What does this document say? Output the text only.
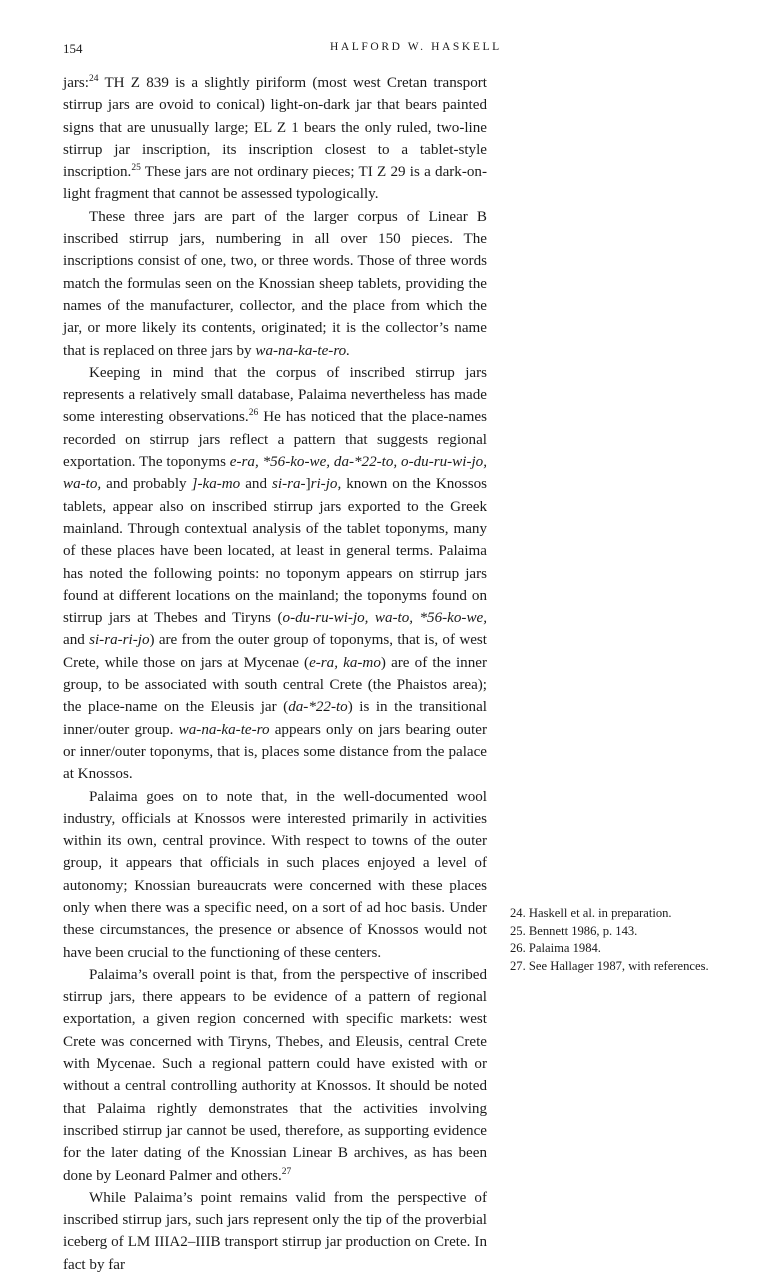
154	HALFORD W. HASKELL

jars:$^{24}$ TH Z 839 is a slightly piriform (most west Cretan transport stirrup jars are ovoid to conical) light-on-dark jar that bears painted signs that are unusually large; EL Z 1 bears the only ruled, two-line stirrup jar inscription, its inscription closest to a tablet-style inscription.$^{25}$ These jars are not ordinary pieces; TI Z 29 is a dark-on-light fragment that cannot be assessed typologically.

These three jars are part of the larger corpus of Linear B inscribed stirrup jars, numbering in all over 150 pieces. The inscriptions consist of one, two, or three words. Those of three words match the formulas seen on the Knossian sheep tablets, providing the names of the manufacturer, collector, and the place from which the jar, or more likely its contents, originated; it is the collector’s name that is replaced on three jars by wa-na-ka-te-ro.

Keeping in mind that the corpus of inscribed stirrup jars represents a relatively small database, Palaima nevertheless has made some interesting observations.$^{26}$ He has noticed that the place-names recorded on stirrup jars reflect a pattern that suggests regional exportation. The toponyms e-ra, *56-ko-we, da-*22-to, o-du-ru-wi-jo, wa-to, and probably ]-ka-mo and si-ra-]ri-jo, known on the Knossos tablets, appear also on inscribed stirrup jars exported to the Greek mainland. Through contextual analysis of the tablet toponyms, many of these places have been located, at least in general terms. Palaima has noted the following points: no toponym appears on stirrup jars found at different locations on the mainland; the toponyms found on stirrup jars at Thebes and Tiryns (o-du-ru-wi-jo, wa-to, *56-ko-we, and si-ra-ri-jo) are from the outer group of toponyms, that is, of west Crete, while those on jars at Mycenae (e-ra, ka-mo) are of the inner group, to be associated with south central Crete (the Phaistos area); the place-name on the Eleusis jar (da-*22-to) is in the transitional inner/outer group. wa-na-ka-te-ro appears only on jars bearing outer or inner/outer toponyms, that is, places some distance from the palace at Knossos.

Palaima goes on to note that, in the well-documented wool industry, officials at Knossos were interested primarily in activities within its own, central province. With respect to towns of the outer group, it appears that officials in such places enjoyed a level of autonomy; Knossian bureaucrats were concerned with these places only when there was a specific need, on a sort of ad hoc basis. Under these circumstances, the presence or absence of Knossos would not have been crucial to the functioning of these centers.

Palaima’s overall point is that, from the perspective of inscribed stirrup jars, there appears to be evidence of a pattern of regional exportation, a given region concerned with specific markets: west Crete was concerned with Tiryns, Thebes, and Eleusis, central Crete with Mycenae. Such a regional pattern could have existed with or without a central controlling authority at Knossos. It should be noted that Palaima rightly demonstrates that the activities involving inscribed stirrup jar cannot be used, therefore, as supporting evidence for the later dating of the Knossian Linear B archives, as has been done by Leonard Palmer and others.$^{27}$

While Palaima’s point remains valid from the perspective of inscribed stirrup jars, such jars represent only the tip of the proverbial iceberg of LM IIIA2–IIIB transport stirrup jar production on Crete. In fact by far

24. Haskell et al. in preparation.
25. Bennett 1986, p. 143.
26. Palaima 1984.
27. See Hallager 1987, with references.
